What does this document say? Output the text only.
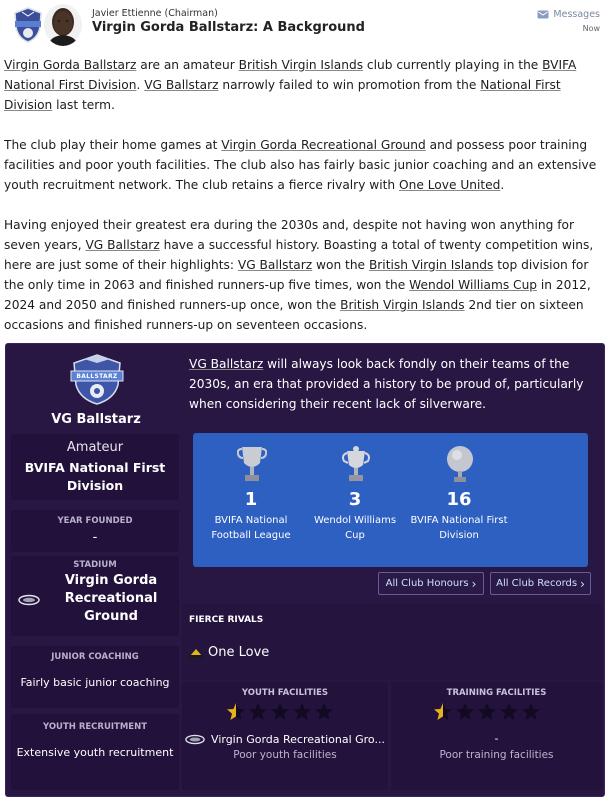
Javier Ettienne (Chairman)
Virgin Gorda Ballstarz: A Background
Messages
Now
Virgin Gorda Ballstarz are an amateur British Virgin Islands club currently playing in the BVIFA National First Division. VG Ballstarz narrowly failed to win promotion from the National First Division last term.
The club play their home games at Virgin Gorda Recreational Ground and possess poor training facilities and poor youth facilities. The club also has fairly basic junior coaching and an extensive youth recruitment network. The club retains a fierce rivalry with One Love United.
Having enjoyed their greatest era during the 2030s and, despite not having won anything for seven years, VG Ballstarz have a successful history. Boasting a total of twenty competition wins, here are just some of their highlights: VG Ballstarz won the British Virgin Islands top division for the only time in 2063 and finished runners-up five times, won the Wendol Williams Cup in 2012, 2024 and 2050 and finished runners-up once, won the British Virgin Islands 2nd tier on sixteen occasions and finished runners-up on seventeen occasions.
BALLSTARZ
VG Ballstarz
Amateur
BVIFA National First Division
YEAR FOUNDED
-
STADIUM
Virgin Gorda Recreational Ground
JUNIOR COACHING
Fairly basic junior coaching
YOUTH RECRUITMENT
Extensive youth recruitment
VG Ballstarz will always look back fondly on their teams of the 2030s, an era that provided a history to be proud of, particularly when considering their recent lack of silverware.
1
BVIFA National Football League
3
Wendol Williams Cup
16
BVIFA National First Division
All Club Honours › All Club Records ›
FIERCE RIVALS
One Love
YOUTH FACILITIES
Virgin Gorda Recreational Gro...
Poor youth facilities
TRAINING FACILITIES
-
Poor training facilities
